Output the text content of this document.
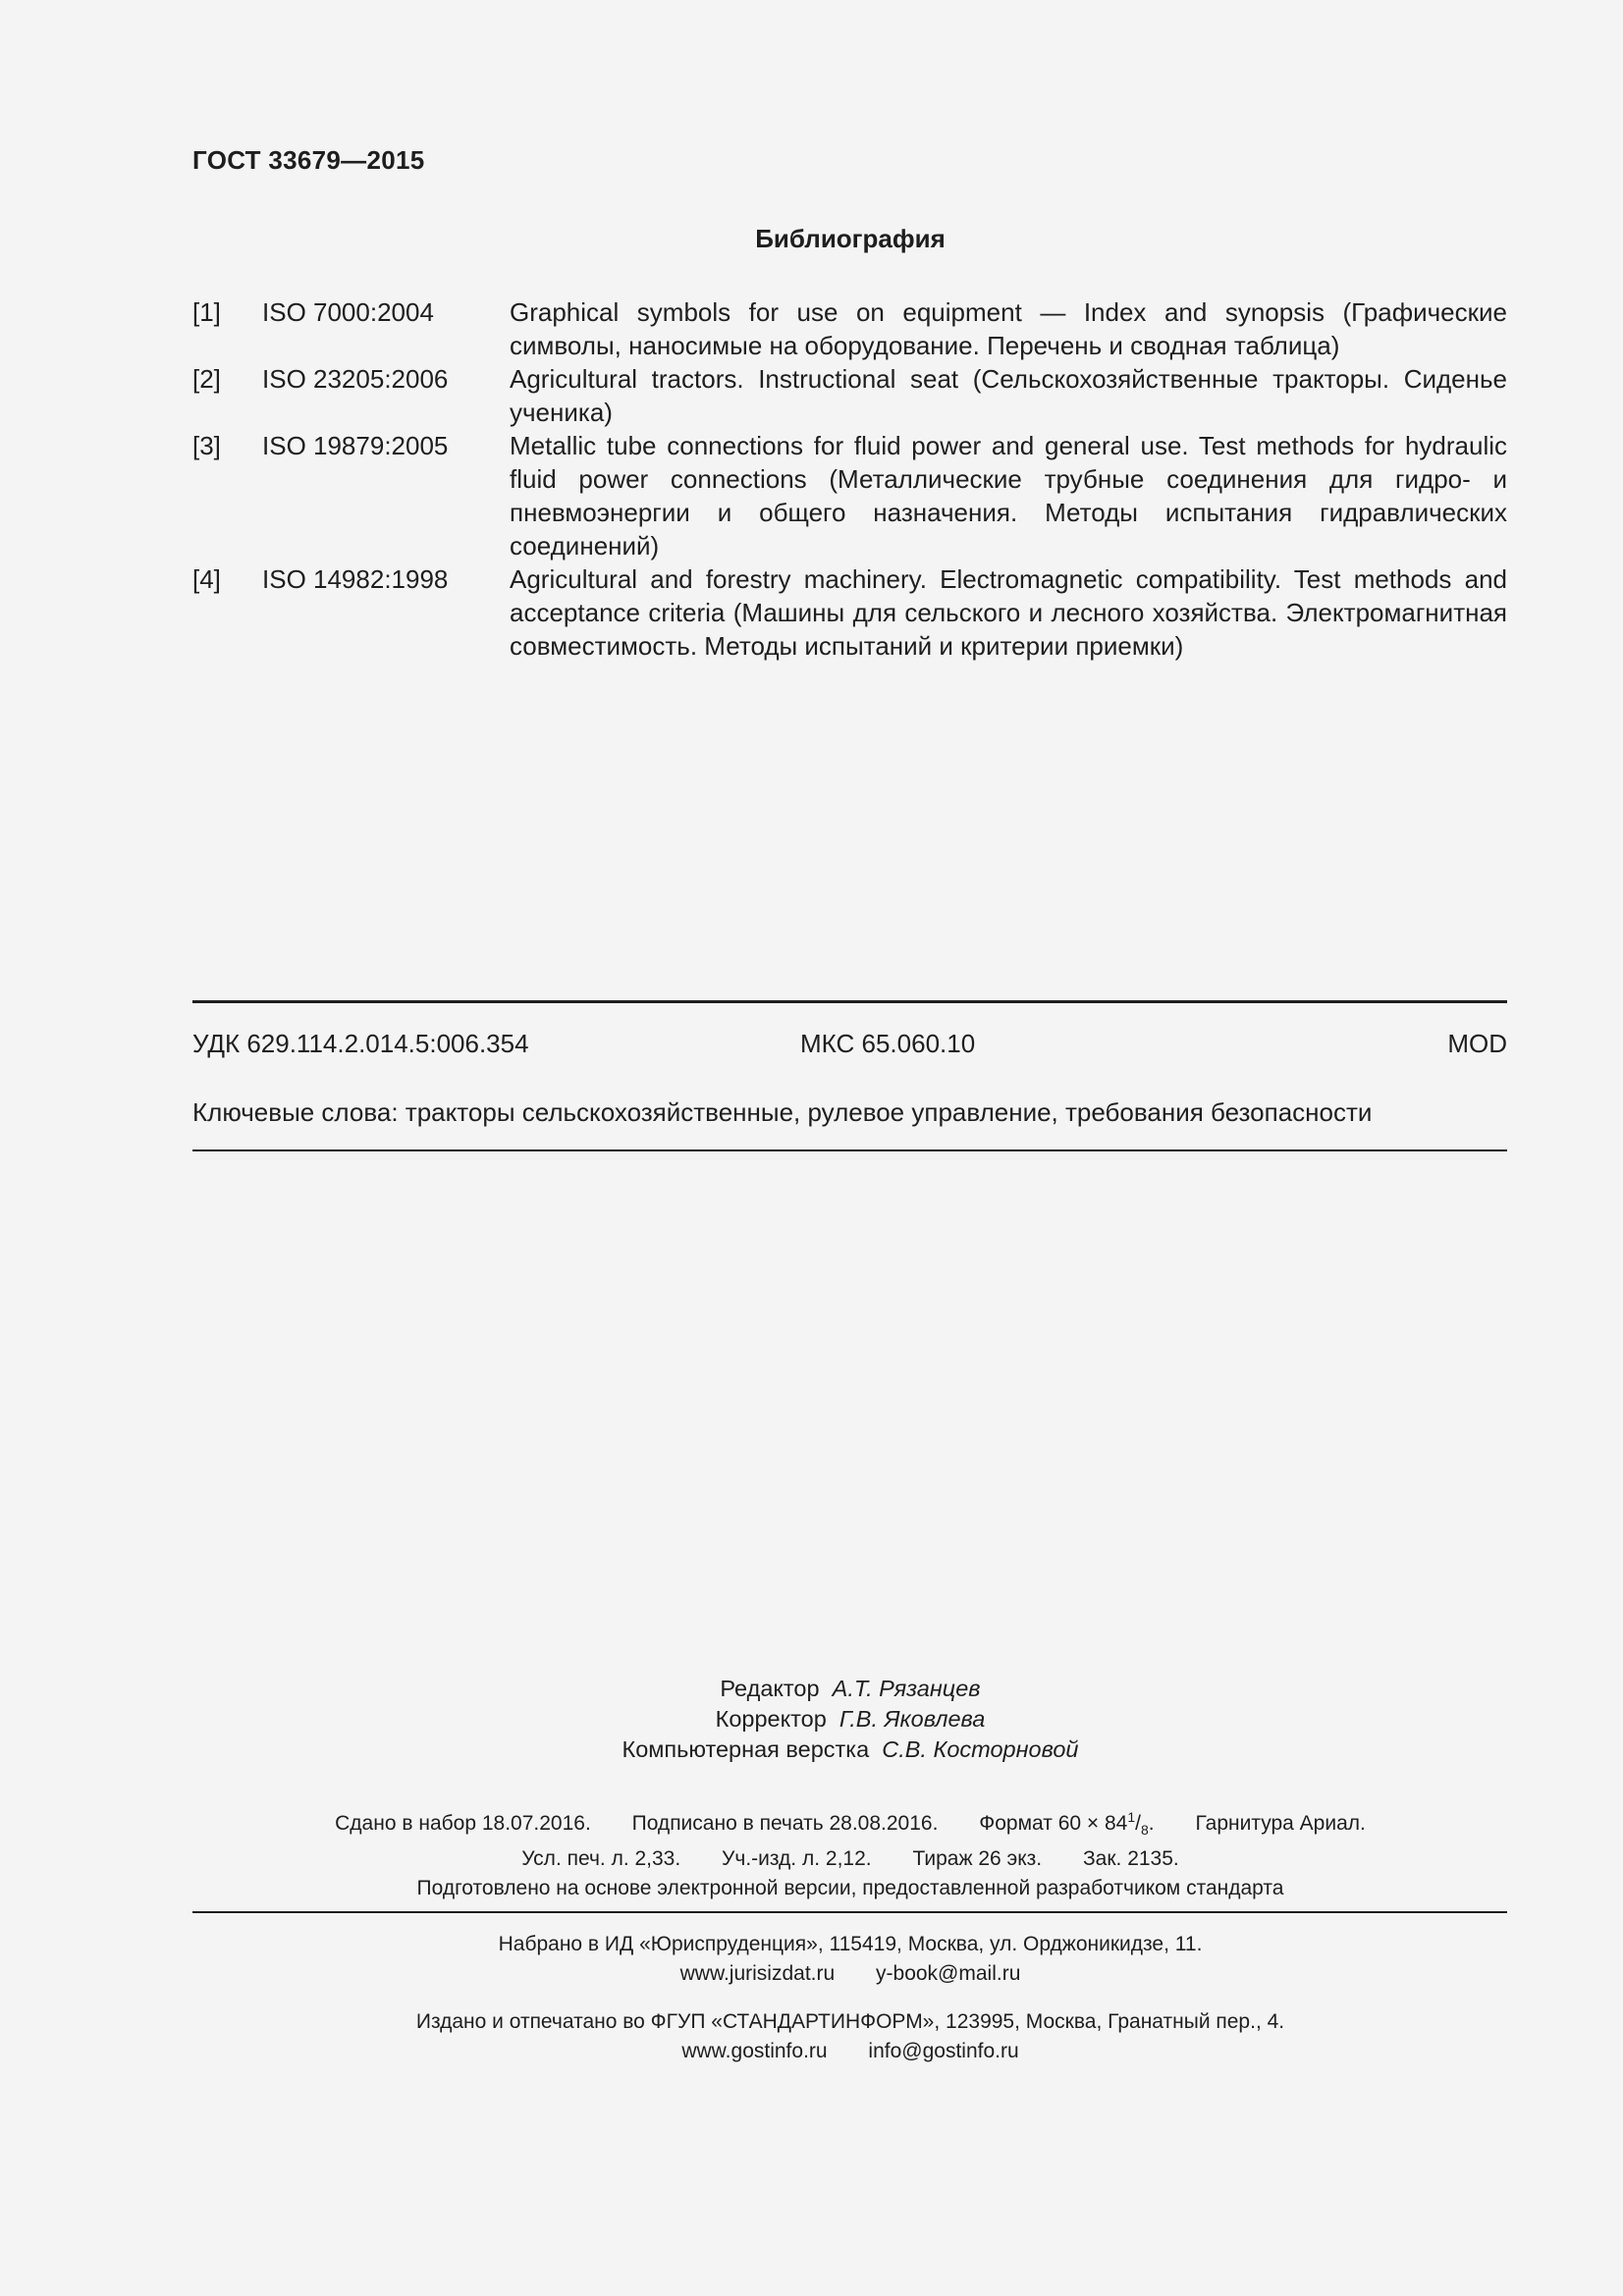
ГОСТ 33679—2015
Библиография
[1]	ISO 7000:2004	Graphical symbols for use on equipment — Index and synopsis (Графические символы, наносимые на оборудование. Перечень и сводная таблица)
[2]	ISO 23205:2006	Agricultural tractors. Instructional seat (Сельскохозяйственные тракторы. Сиденье ученика)
[3]	ISO 19879:2005	Metallic tube connections for fluid power and general use. Test methods for hydraulic fluid power connections (Металлические трубные соединения для гидро- и пневмоэнергии и общего назначения. Методы испытания гидравлических соединений)
[4]	ISO 14982:1998	Agricultural and forestry machinery. Electromagnetic compatibility. Test methods and acceptance criteria (Машины для сельского и лесного хозяйства. Электромагнитная совместимость. Методы испытаний и критерии приемки)
УДК 629.114.2.014.5:006.354	МКС 65.060.10	MOD
Ключевые слова: тракторы сельскохозяйственные, рулевое управление, требования безопасности
Редактор А.Т. Рязанцев
Корректор Г.В. Яковлева
Компьютерная верстка С.В. Косторновой
Сдано в набор 18.07.2016. Подписано в печать 28.08.2016. Формат $60 \times 84^1/_8$. Гарнитура Ариал.
Усл. печ. л. 2,33. Уч.-изд. л. 2,12. Тираж 26 экз. Зак. 2135.
Подготовлено на основе электронной версии, предоставленной разработчиком стандарта
Набрано в ИД «Юриспруденция», 115419, Москва, ул. Орджоникидзе, 11.
www.jurisizdat.ru y-book@mail.ru
Издано и отпечатано во ФГУП «СТАНДАРТИНФОРМ», 123995, Москва, Гранатный пер., 4.
www.gostinfo.ru info@gostinfo.ru
